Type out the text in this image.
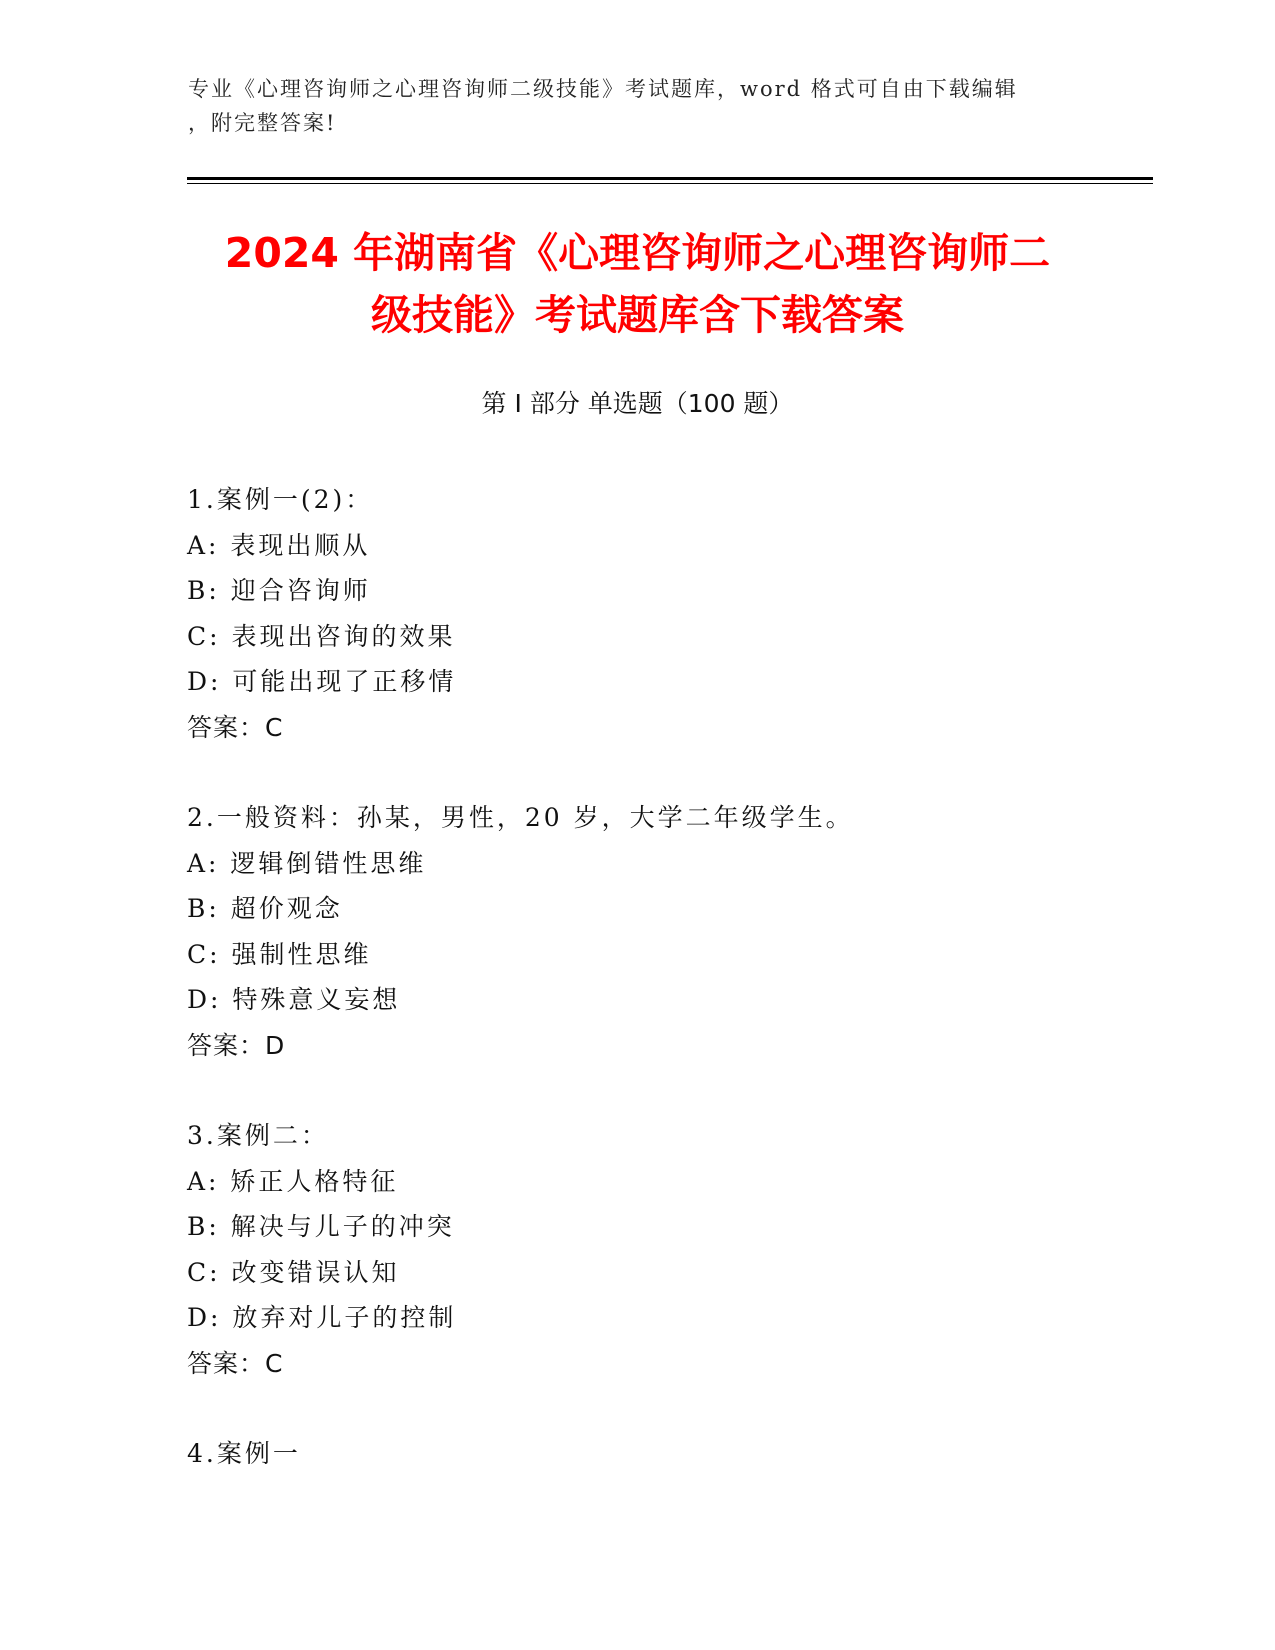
专业《心理咨询师之心理咨询师二级技能》考试题库，word 格式可自由下载编辑
，附完整答案!
2024 年湖南省《心理咨询师之心理咨询师二
级技能》考试题库含下载答案
第 I 部分 单选题（100 题）
1.案例一(2)：
A: 表现出顺从
B: 迎合咨询师
C: 表现出咨询的效果
D: 可能出现了正移情
答案：C
2.一般资料：孙某，男性，20 岁，大学二年级学生。
A: 逻辑倒错性思维
B: 超价观念
C: 强制性思维
D: 特殊意义妄想
答案：D
3.案例二：
A: 矫正人格特征
B: 解决与儿子的冲突
C: 改变错误认知
D: 放弃对儿子的控制
答案：C
4.案例一
